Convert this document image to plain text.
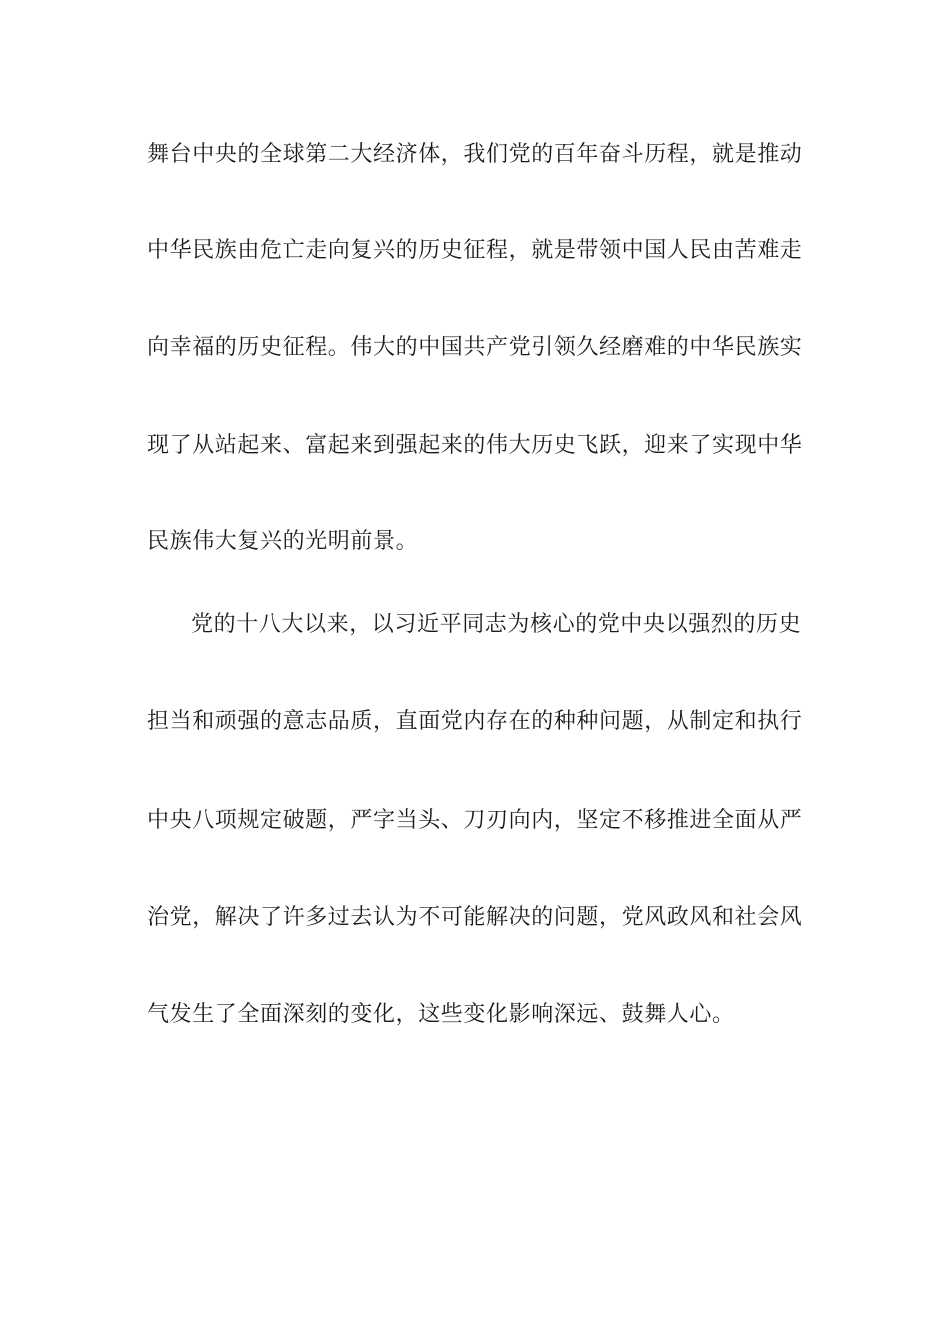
舞台中央的全球第二大经济体，我们党的百年奋斗历程，就是推动
中华民族由危亡走向复兴的历史征程，就是带领中国人民由苦难走
向幸福的历史征程。伟大的中国共产党引领久经磨难的中华民族实
现了从站起来、富起来到强起来的伟大历史飞跃，迎来了实现中华
民族伟大复兴的光明前景。
党的十八大以来，以习近平同志为核心的党中央以强烈的历史
担当和顽强的意志品质，直面党内存在的种种问题，从制定和执行
中央八项规定破题，严字当头、刀刃向内，坚定不移推进全面从严
治党，解决了许多过去认为不可能解决的问题，党风政风和社会风
气发生了全面深刻的变化，这些变化影响深远、鼓舞人心。
